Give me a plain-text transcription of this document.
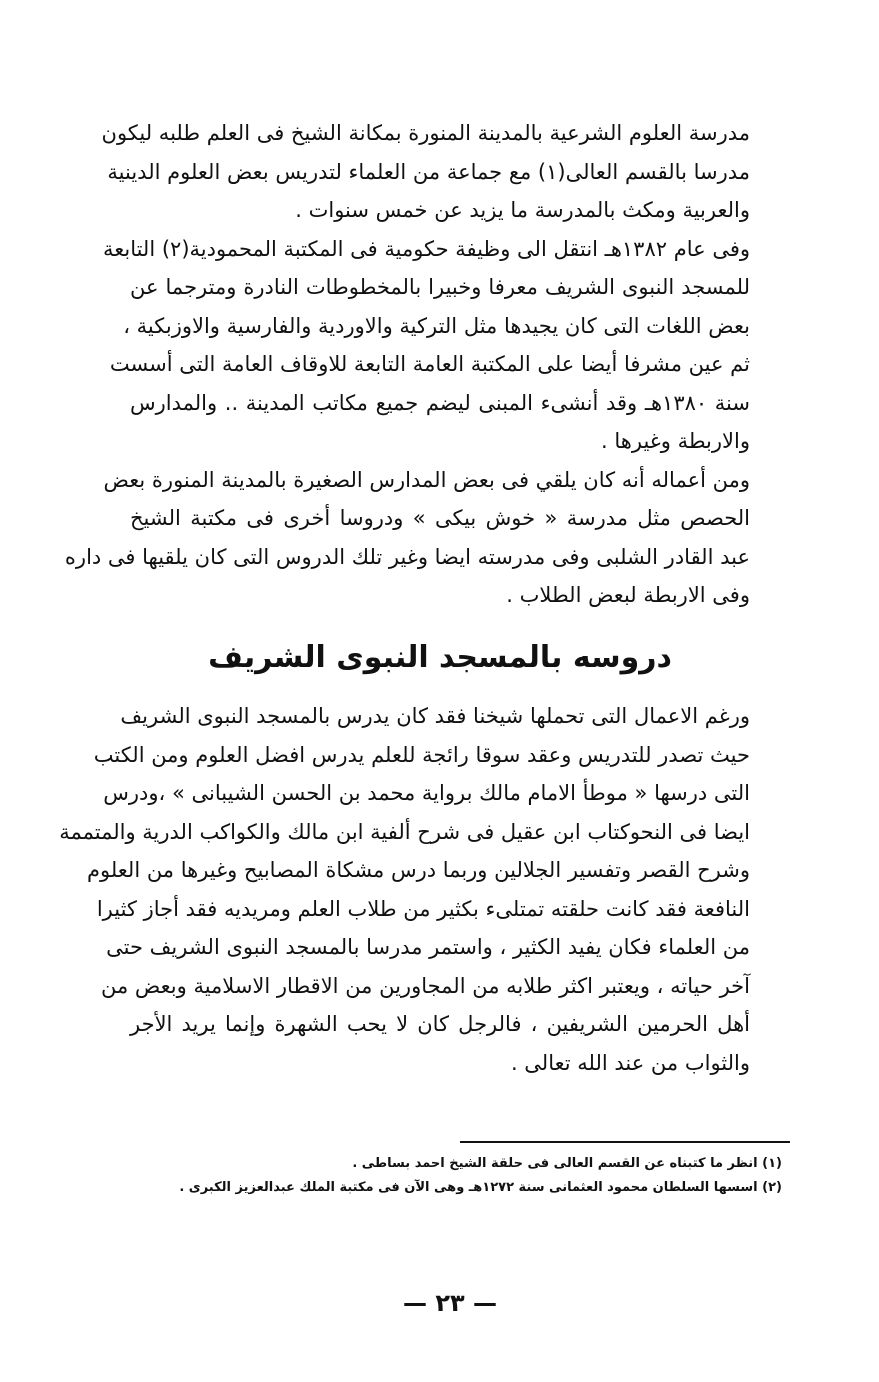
مدرسة العلوم الشرعية بالمدينة المنورة بمكانة الشيخ فى العلم طلبه ليكون
مدرسا بالقسم العالى(١) مع جماعة من العلماء لتدريس بعض العلوم الدينية
والعربية ومكث بالمدرسة ما يزيد عن خمس سنوات .
وفى عام ١٣٨٢هـ انتقل الى وظيفة حكومية فى المكتبة المحمودية(٢) التابعة
للمسجد النبوى الشريف معرفا وخبيرا بالمخطوطات النادرة ومترجما عن
بعض اللغات التى كان يجيدها مثل التركية والاوردية والفارسية والاوزبكية ،
ثم عين مشرفا أيضا على المكتبة العامة التابعة للاوقاف العامة التى أسست
سنة ١٣٨٠هـ وقد أنشىء المبنى ليضم جميع مكاتب المدينة .. والمدارس
والاربطة وغيرها .
ومن أعماله أنه كان يلقي فى بعض المدارس الصغيرة بالمدينة المنورة بعض
الحصص مثل مدرسة « خوش بيكى » ودروسا أخرى فى مكتبة الشيخ
عبد القادر الشلبى وفى مدرسته ايضا وغير تلك الدروس التى كان يلقيها فى داره
وفى الاربطة لبعض الطلاب .
دروسه بالمسجد النبوى الشريف
ورغم الاعمال التى تحملها شيخنا فقد كان يدرس بالمسجد النبوى الشريف
حيث تصدر للتدريس وعقد سوقا رائجة للعلم يدرس افضل العلوم ومن الكتب
التى درسها « موطأ الامام مالك برواية محمد بن الحسن الشيبانى » ،ودرس
ايضا فى النحوكتاب ابن عقيل فى شرح ألفية ابن مالك والكواكب الدرية والمتممة
وشرح القصر وتفسير الجلالين وربما درس مشكاة المصابيح وغيرها من العلوم
النافعة فقد كانت حلقته تمتلىء بكثير من طلاب العلم ومريديه فقد أجاز كثيرا
من العلماء فكان يفيد الكثير ، واستمر مدرسا بالمسجد النبوى الشريف حتى
آخر حياته ، ويعتبر اكثر طلابه من المجاورين من الاقطار الاسلامية وبعض من
أهل الحرمين الشريفين ، فالرجل كان لا يحب الشهرة وإنما يريد الأجر
والثواب من عند الله تعالى .
(١) انظر ما كتبناه عن القسم العالى فى حلقة الشيخ احمد بساطى .
(٢) اسسها السلطان محمود العثمانى سنة ١٢٧٢هـ وهى الآن فى مكتبة الملك عبدالعزيز الكبرى .
— ٢٣ —
